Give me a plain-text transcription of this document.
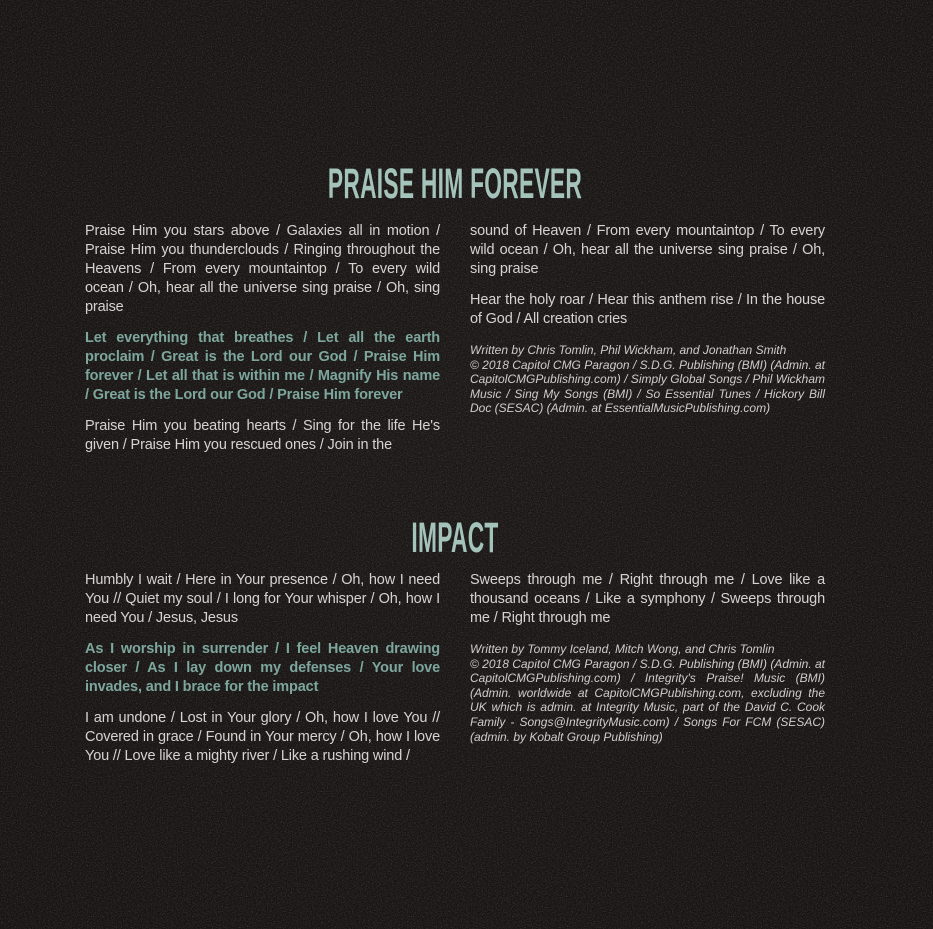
PRAISE HIM FOREVER

Praise Him you stars above / Galaxies all in motion / Praise Him you thunderclouds / Ringing throughout the Heavens / From every mountaintop / To every wild ocean / Oh, hear all the universe sing praise / Oh, sing praise

Let everything that breathes / Let all the earth proclaim / Great is the Lord our God / Praise Him forever / Let all that is within me / Magnify His name / Great is the Lord our God / Praise Him forever

Praise Him you beating hearts / Sing for the life He's given / Praise Him you rescued ones / Join in the

sound of Heaven / From every mountaintop / To every wild ocean / Oh, hear all the universe sing praise / Oh, sing praise

Hear the holy roar / Hear this anthem rise / In the house of God / All creation cries

Written by Chris Tomlin, Phil Wickham, and Jonathan Smith
© 2018 Capitol CMG Paragon / S.D.G. Publishing (BMI) (Admin. at CapitolCMGPublishing.com) / Simply Global Songs / Phil Wickham Music / Sing My Songs (BMI) / So Essential Tunes / Hickory Bill Doc (SESAC) (Admin. at EssentialMusicPublishing.com)

IMPACT

Humbly I wait / Here in Your presence / Oh, how I need You // Quiet my soul / I long for Your whisper / Oh, how I need You / Jesus, Jesus

As I worship in surrender / I feel Heaven drawing closer / As I lay down my defenses / Your love invades, and I brace for the impact

I am undone / Lost in Your glory / Oh, how I love You // Covered in grace / Found in Your mercy / Oh, how I love You // Love like a mighty river / Like a rushing wind /

Sweeps through me / Right through me / Love like a thousand oceans / Like a symphony / Sweeps through me / Right through me

Written by Tommy Iceland, Mitch Wong, and Chris Tomlin
© 2018 Capitol CMG Paragon / S.D.G. Publishing (BMI) (Admin. at CapitolCMGPublishing.com) / Integrity's Praise! Music (BMI) (Admin. worldwide at CapitolCMGPublishing.com, excluding the UK which is admin. at Integrity Music, part of the David C. Cook Family - Songs@IntegrityMusic.com) / Songs For FCM (SESAC) (admin. by Kobalt Group Publishing)
